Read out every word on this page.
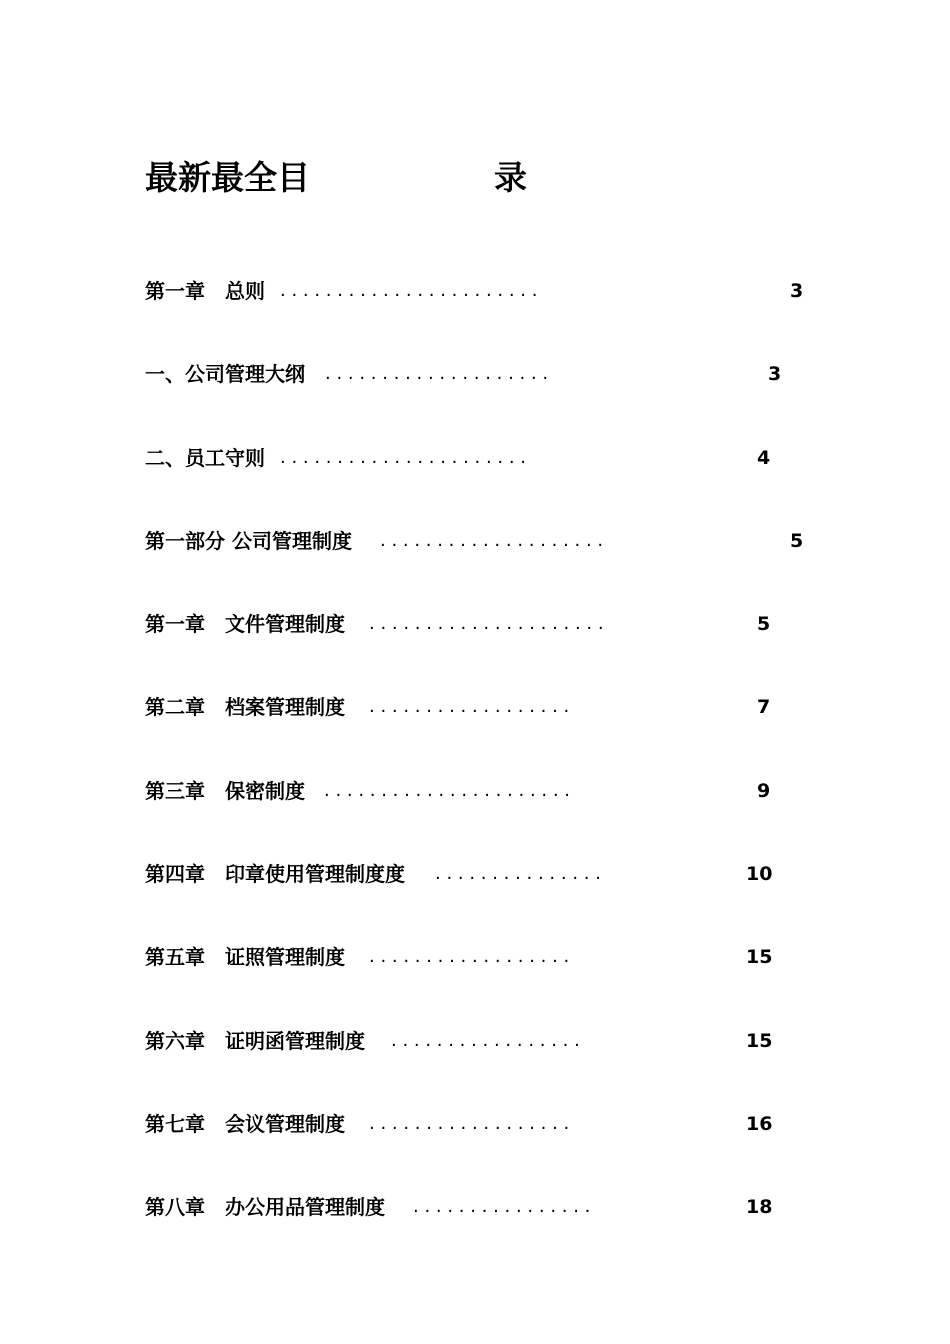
最新最全目	录
第一章　总则 . . . . . . . . . . . . . . . . . . . . . . .	3
一、公司管理大纲 . . . . . . . . . . . . . . . . . . . .	3
二、员工守则 . . . . . . . . . . . . . . . . . . . . . .	4
第一部分 公司管理制度 . . . . . . . . . . . . . . . . . . . .	5
第一章　文件管理制度 . . . . . . . . . . . . . . . . . . . . .	5
第二章　档案管理制度 . . . . . . . . . . . . . . . . . .	7
第三章　保密制度 . . . . . . . . . . . . . . . . . . . . . .	9
第四章　印章使用管理制度度 . . . . . . . . . . . . . . .	10
第五章　证照管理制度 . . . . . . . . . . . . . . . . . .	15
第六章　证明函管理制度 . . . . . . . . . . . . . . . . .	15
第七章　会议管理制度 . . . . . . . . . . . . . . . . . .	16
第八章　办公用品管理制度 . . . . . . . . . . . . . . . .	18
